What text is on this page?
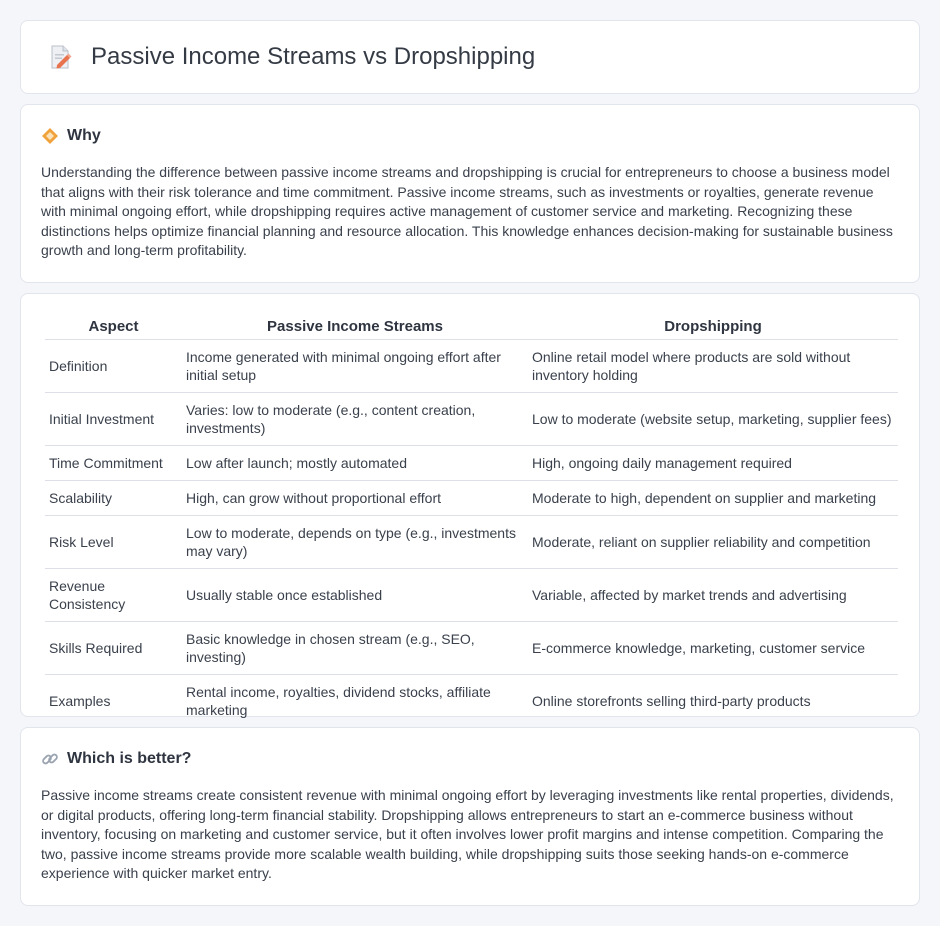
Passive Income Streams vs Dropshipping
Why

Understanding the difference between passive income streams and dropshipping is crucial for entrepreneurs to choose a business model that aligns with their risk tolerance and time commitment. Passive income streams, such as investments or royalties, generate revenue with minimal ongoing effort, while dropshipping requires active management of customer service and marketing. Recognizing these distinctions helps optimize financial planning and resource allocation. This knowledge enhances decision-making for sustainable business growth and long-term profitability.

Aspect	Passive Income Streams	Dropshipping
Definition	Income generated with minimal ongoing effort after initial setup	Online retail model where products are sold without inventory holding
Initial Investment	Varies: low to moderate (e.g., content creation, investments)	Low to moderate (website setup, marketing, supplier fees)
Time Commitment	Low after launch; mostly automated	High, ongoing daily management required
Scalability	High, can grow without proportional effort	Moderate to high, dependent on supplier and marketing
Risk Level	Low to moderate, depends on type (e.g., investments may vary)	Moderate, reliant on supplier reliability and competition
Revenue Consistency	Usually stable once established	Variable, affected by market trends and advertising
Skills Required	Basic knowledge in chosen stream (e.g., SEO, investing)	E-commerce knowledge, marketing, customer service
Examples	Rental income, royalties, dividend stocks, affiliate marketing	Online storefronts selling third-party products
Which is better?

Passive income streams create consistent revenue with minimal ongoing effort by leveraging investments like rental properties, dividends, or digital products, offering long-term financial stability. Dropshipping allows entrepreneurs to start an e-commerce business without inventory, focusing on marketing and customer service, but it often involves lower profit margins and intense competition. Comparing the two, passive income streams provide more scalable wealth building, while dropshipping suits those seeking hands-on e-commerce experience with quicker market entry.
